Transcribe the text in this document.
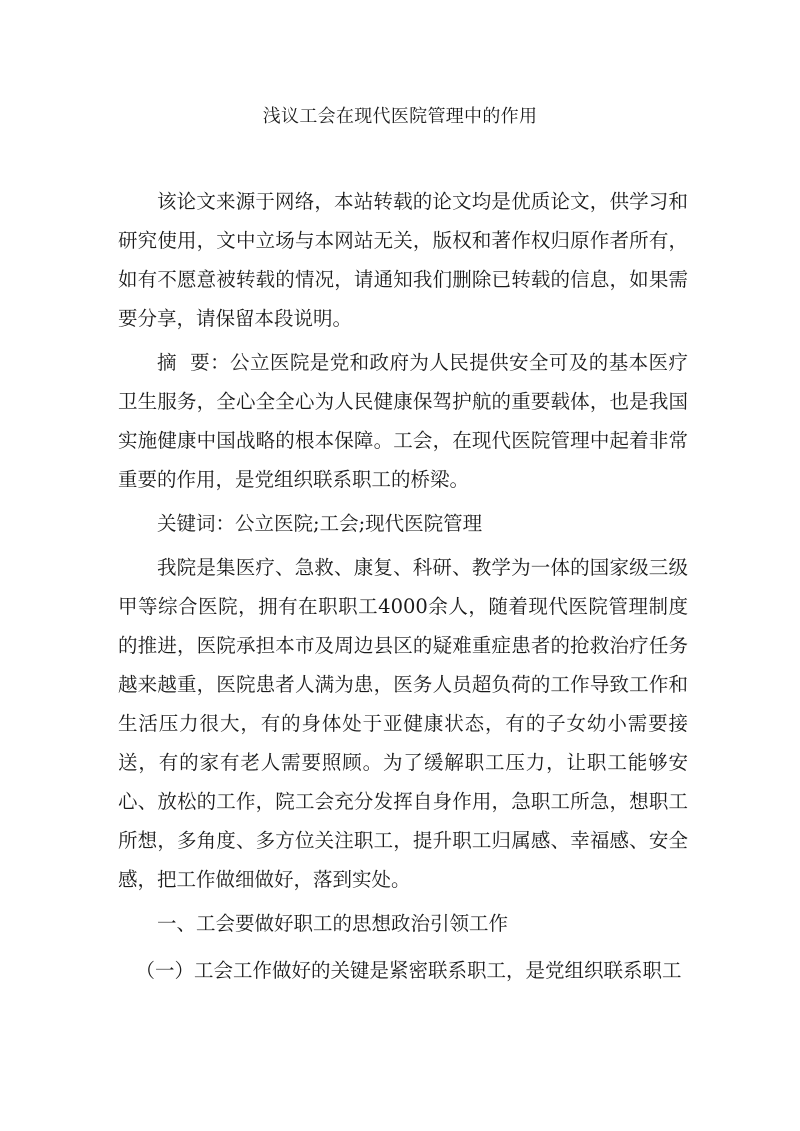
浅议工会在现代医院管理中的作用

该论文来源于网络，本站转载的论文均是优质论文，供学习和研究使用，文中立场与本网站无关，版权和著作权归原作者所有，如有不愿意被转载的情况，请通知我们删除已转载的信息，如果需要分享，请保留本段说明。

摘  要：公立医院是党和政府为人民提供安全可及的基本医疗卫生服务，全心全全心为人民健康保驾护航的重要载体，也是我国实施健康中国战略的根本保障。工会，在现代医院管理中起着非常重要的作用，是党组织联系职工的桥梁。

关键词：公立医院;工会;现代医院管理

我院是集医疗、急救、康复、科研、教学为一体的国家级三级甲等综合医院，拥有在职职工4000余人，随着现代医院管理制度的推进，医院承担本市及周边县区的疑难重症患者的抢救治疗任务越来越重，医院患者人满为患，医务人员超负荷的工作导致工作和生活压力很大，有的身体处于亚健康状态，有的子女幼小需要接送，有的家有老人需要照顾。为了缓解职工压力，让职工能够安心、放松的工作，院工会充分发挥自身作用，急职工所急，想职工所想，多角度、多方位关注职工，提升职工归属感、幸福感、安全感，把工作做细做好，落到实处。

一、工会要做好职工的思想政治引领工作

（一）工会工作做好的关键是紧密联系职工，是党组织联系职工
